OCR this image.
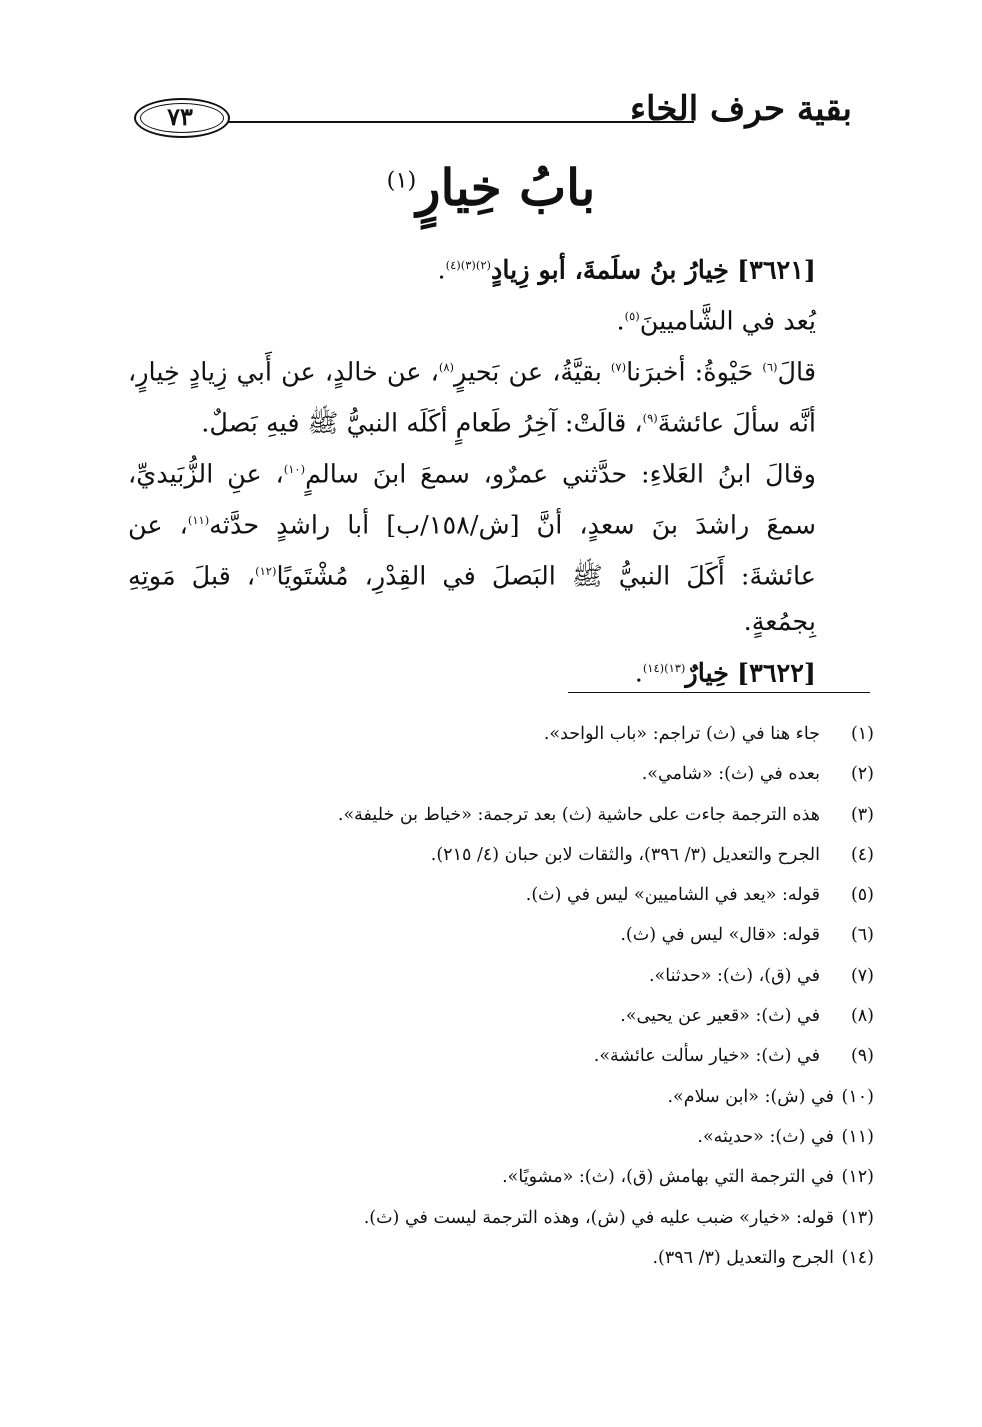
بقية حرف الخاء
٧٣
بابُ خِيارٍ$^{(١)}$

[٣٦٢١] خِيارُ بنُ سلَمةَ، أبو زِيادٍ$^{(٢)(٣)(٤)}$.

يُعد في الشَّاميينَ$^{(٥)}$.

قالَ$^{(٦)}$ حَيْوةُ: أخبرَنا$^{(٧)}$ بقيَّةُ، عن بَحيرٍ$^{(٨)}$، عن خالدٍ، عن أَبي زِيادٍ خِيارٍ، أنَّه سألَ عائشةَ$^{(٩)}$، قالَتْ: آخِرُ طَعامٍ أكَلَه النبيُّ ﷺ فيهِ بَصلٌ.

وقالَ ابنُ العَلاءِ: حدَّثني عمرٌو، سمعَ ابنَ سالمٍ$^{(١٠)}$، عنِ الزُّبَيديِّ، سمعَ راشدَ بنَ سعدٍ، أنَّ [ش/١٥٨/ب] أبا راشدٍ حدَّثه$^{(١١)}$، عن عائشةَ: أَكَلَ النبيُّ ﷺ البَصلَ في القِدْرِ، مُشْتَويًا$^{(١٢)}$، قبلَ مَوتِهِ بِجمُعةٍ.

[٣٦٢٢] خِيارٌ$^{(١٣)(١٤)}$.

(١)
جاء هنا في (ث) تراجم: «باب الواحد».
(٢)
بعده في (ث): «شامي».
(٣)
هذه الترجمة جاءت على حاشية (ث) بعد ترجمة: «خياط بن خليفة».
(٤)
الجرح والتعديل (٣/ ٣٩٦)، والثقات لابن حبان (٤/ ٢١٥).
(٥)
قوله: «يعد في الشاميين» ليس في (ث).
(٦)
قوله: «قال» ليس في (ث).
(٧)
في (ق)، (ث): «حدثنا».
(٨)
في (ث): «قعير عن يحيى».
(٩)
في (ث): «خيار سألت عائشة».
(١٠)
في (ش): «ابن سلام».
(١١)
في (ث): «حديثه».
(١٢)
في الترجمة التي بهامش (ق)، (ث): «مشويًا».
(١٣)
قوله: «خيار» ضبب عليه في (ش)، وهذه الترجمة ليست في (ث).
(١٤)
الجرح والتعديل (٣/ ٣٩٦).
